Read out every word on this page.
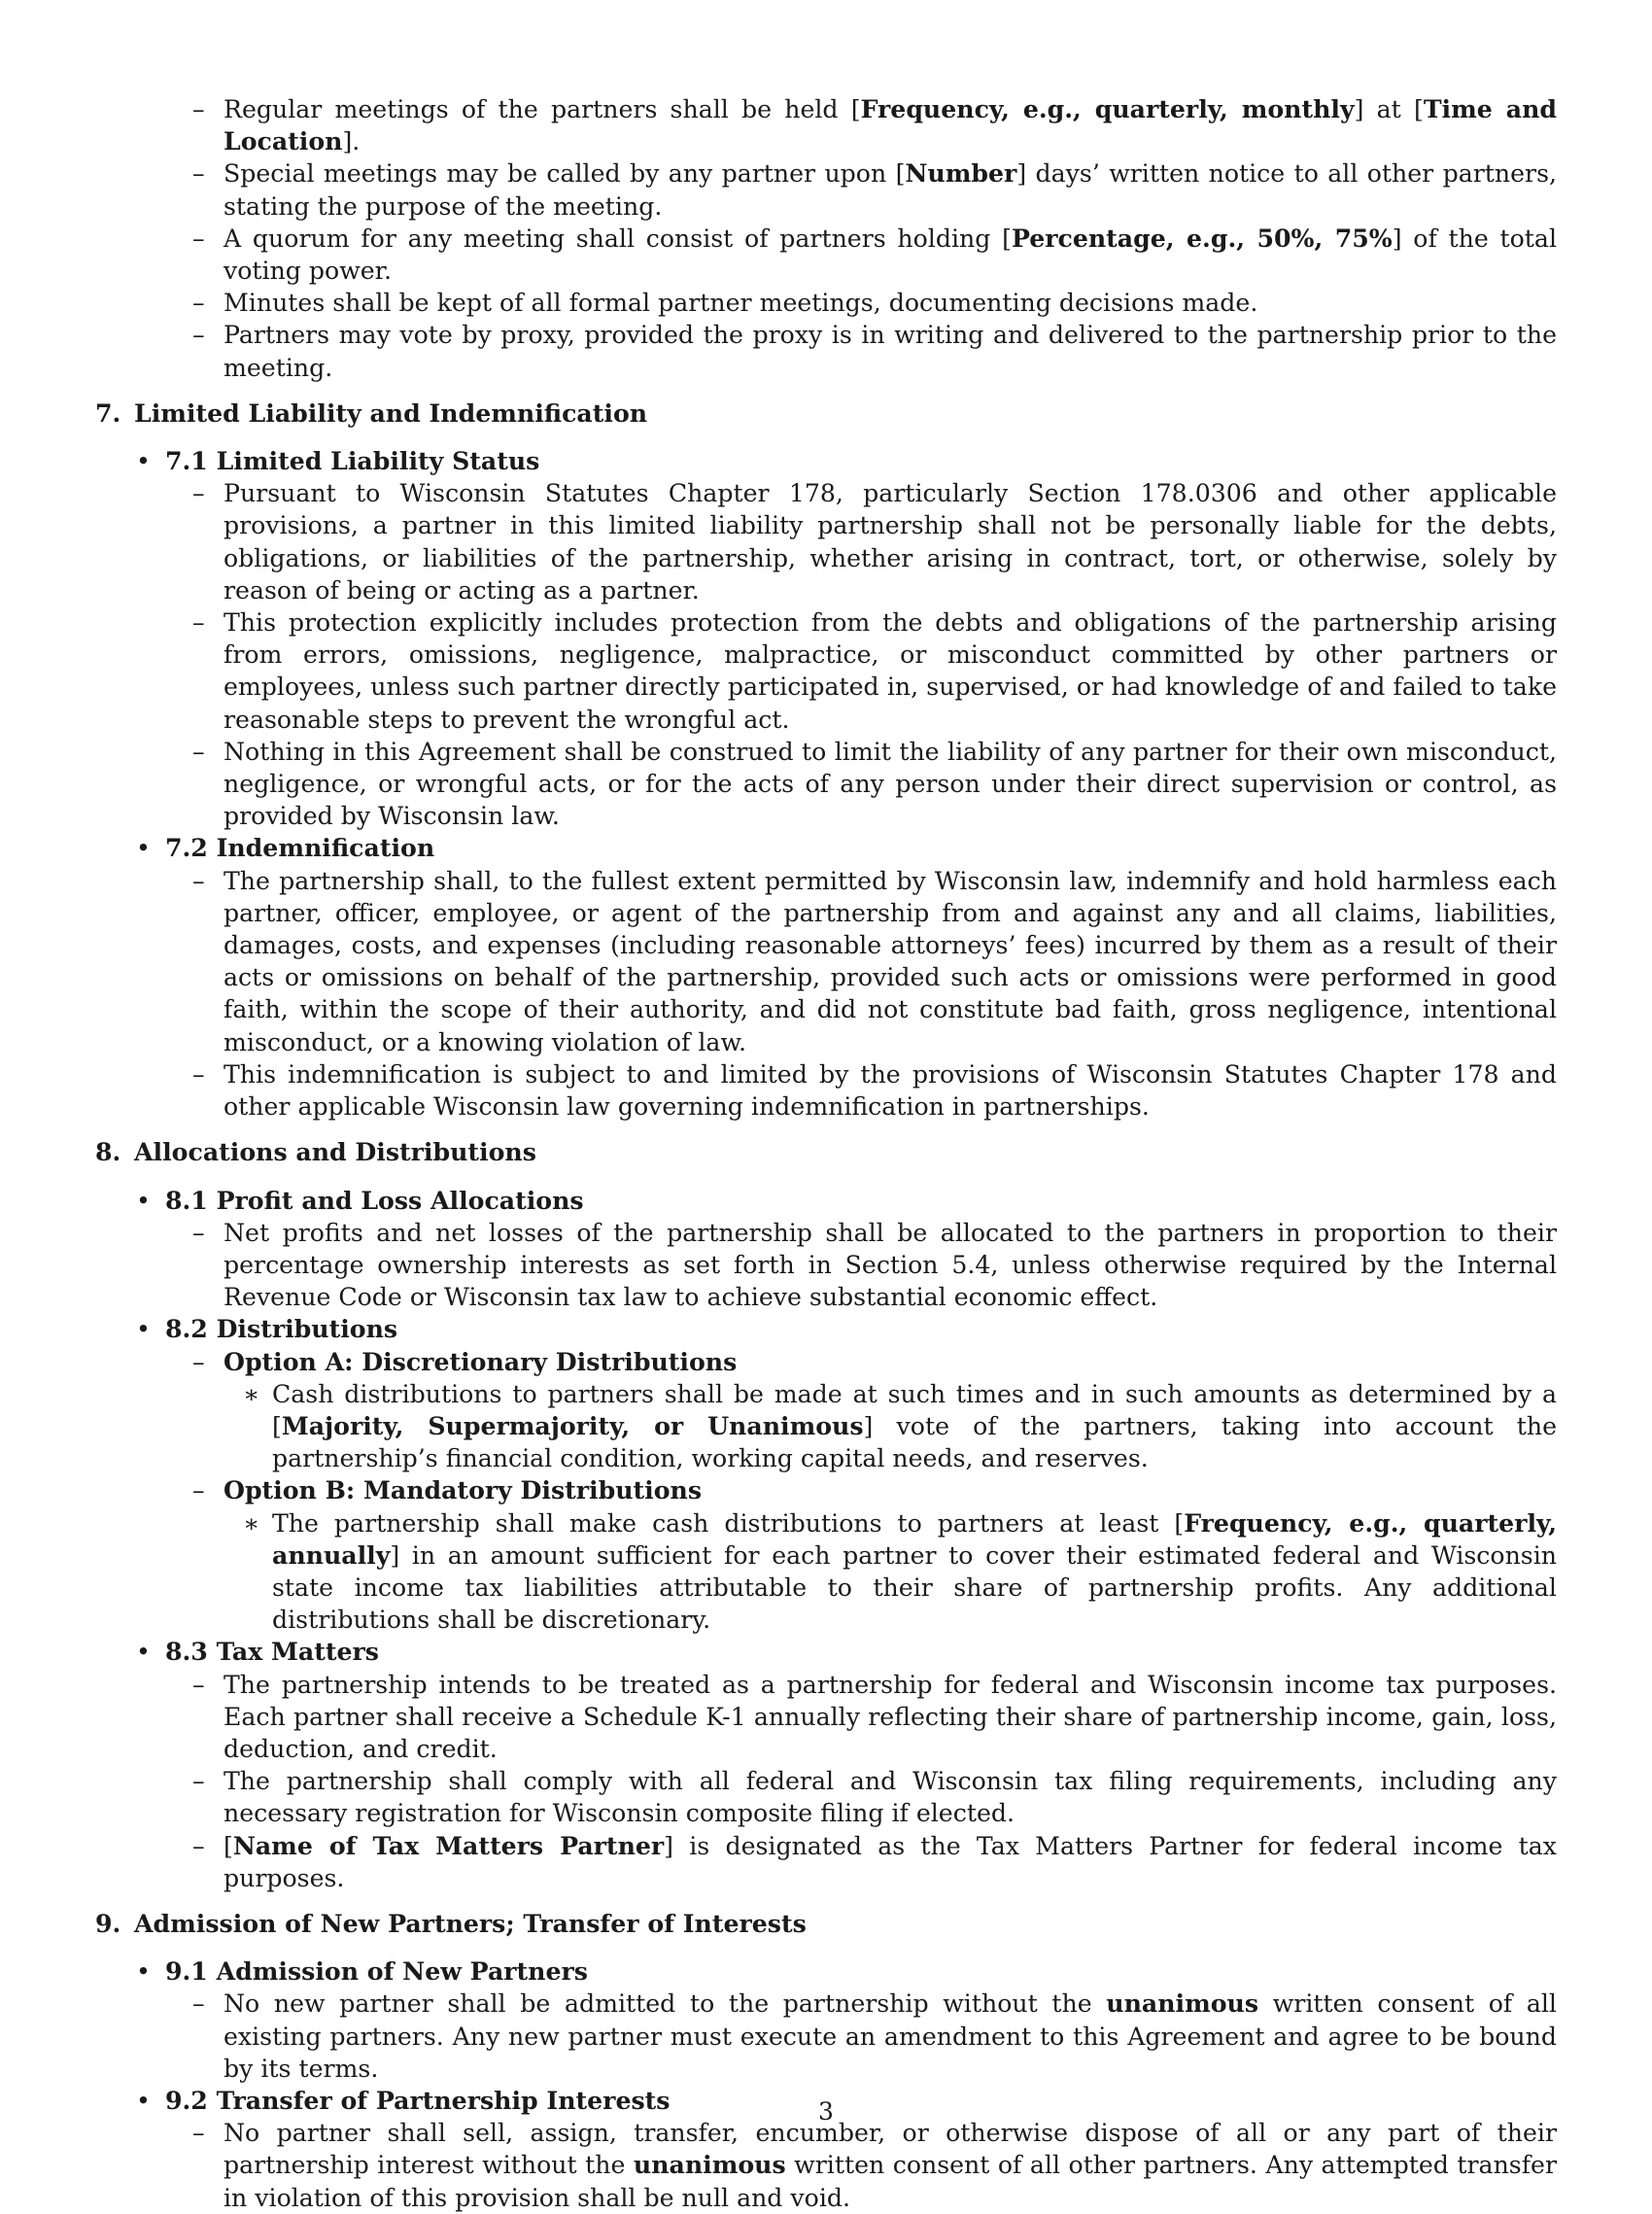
– Regular meetings of the partners shall be held [Frequency, e.g., quarterly, monthly] at [Time and Location].
– Special meetings may be called by any partner upon [Number] days’ written notice to all other partners, stating the purpose of the meeting.
– A quorum for any meeting shall consist of partners holding [Percentage, e.g., 50%, 75%] of the total voting power.
– Minutes shall be kept of all formal partner meetings, documenting decisions made.
– Partners may vote by proxy, provided the proxy is in writing and delivered to the partnership prior to the meeting.
7. Limited Liability and Indemnification
• 7.1 Limited Liability Status
– Pursuant to Wisconsin Statutes Chapter 178, particularly Section 178.0306 and other applicable provisions, a partner in this limited liability partnership shall not be personally liable for the debts, obligations, or liabilities of the partnership, whether arising in contract, tort, or otherwise, solely by reason of being or acting as a partner.
– This protection explicitly includes protection from the debts and obligations of the partnership arising from errors, omissions, negligence, malpractice, or misconduct committed by other partners or employees, unless such partner directly participated in, supervised, or had knowledge of and failed to take reasonable steps to prevent the wrongful act.
– Nothing in this Agreement shall be construed to limit the liability of any partner for their own misconduct, negligence, or wrongful acts, or for the acts of any person under their direct supervision or control, as provided by Wisconsin law.
• 7.2 Indemnification
– The partnership shall, to the fullest extent permitted by Wisconsin law, indemnify and hold harmless each partner, officer, employee, or agent of the partnership from and against any and all claims, liabilities, damages, costs, and expenses (including reasonable attorneys’ fees) incurred by them as a result of their acts or omissions on behalf of the partnership, provided such acts or omissions were performed in good faith, within the scope of their authority, and did not constitute bad faith, gross negligence, intentional misconduct, or a knowing violation of law.
– This indemnification is subject to and limited by the provisions of Wisconsin Statutes Chapter 178 and other applicable Wisconsin law governing indemnification in partnerships.
8. Allocations and Distributions
• 8.1 Profit and Loss Allocations
– Net profits and net losses of the partnership shall be allocated to the partners in proportion to their percentage ownership interests as set forth in Section 5.4, unless otherwise required by the Internal Revenue Code or Wisconsin tax law to achieve substantial economic effect.
• 8.2 Distributions
– Option A: Discretionary Distributions
∗ Cash distributions to partners shall be made at such times and in such amounts as determined by a [Majority, Supermajority, or Unanimous] vote of the partners, taking into account the partnership’s financial condition, working capital needs, and reserves.
– Option B: Mandatory Distributions
∗ The partnership shall make cash distributions to partners at least [Frequency, e.g., quarterly, annually] in an amount sufficient for each partner to cover their estimated federal and Wisconsin state income tax liabilities attributable to their share of partnership profits. Any additional distributions shall be discretionary.
• 8.3 Tax Matters
– The partnership intends to be treated as a partnership for federal and Wisconsin income tax purposes. Each partner shall receive a Schedule K-1 annually reflecting their share of partnership income, gain, loss, deduction, and credit.
– The partnership shall comply with all federal and Wisconsin tax filing requirements, including any necessary registration for Wisconsin composite filing if elected.
– [Name of Tax Matters Partner] is designated as the Tax Matters Partner for federal income tax purposes.
9. Admission of New Partners; Transfer of Interests
• 9.1 Admission of New Partners
– No new partner shall be admitted to the partnership without the unanimous written consent of all existing partners. Any new partner must execute an amendment to this Agreement and agree to be bound by its terms.
• 9.2 Transfer of Partnership Interests
– No partner shall sell, assign, transfer, encumber, or otherwise dispose of all or any part of their partnership interest without the unanimous written consent of all other partners. Any attempted transfer in violation of this provision shall be null and void.
3
